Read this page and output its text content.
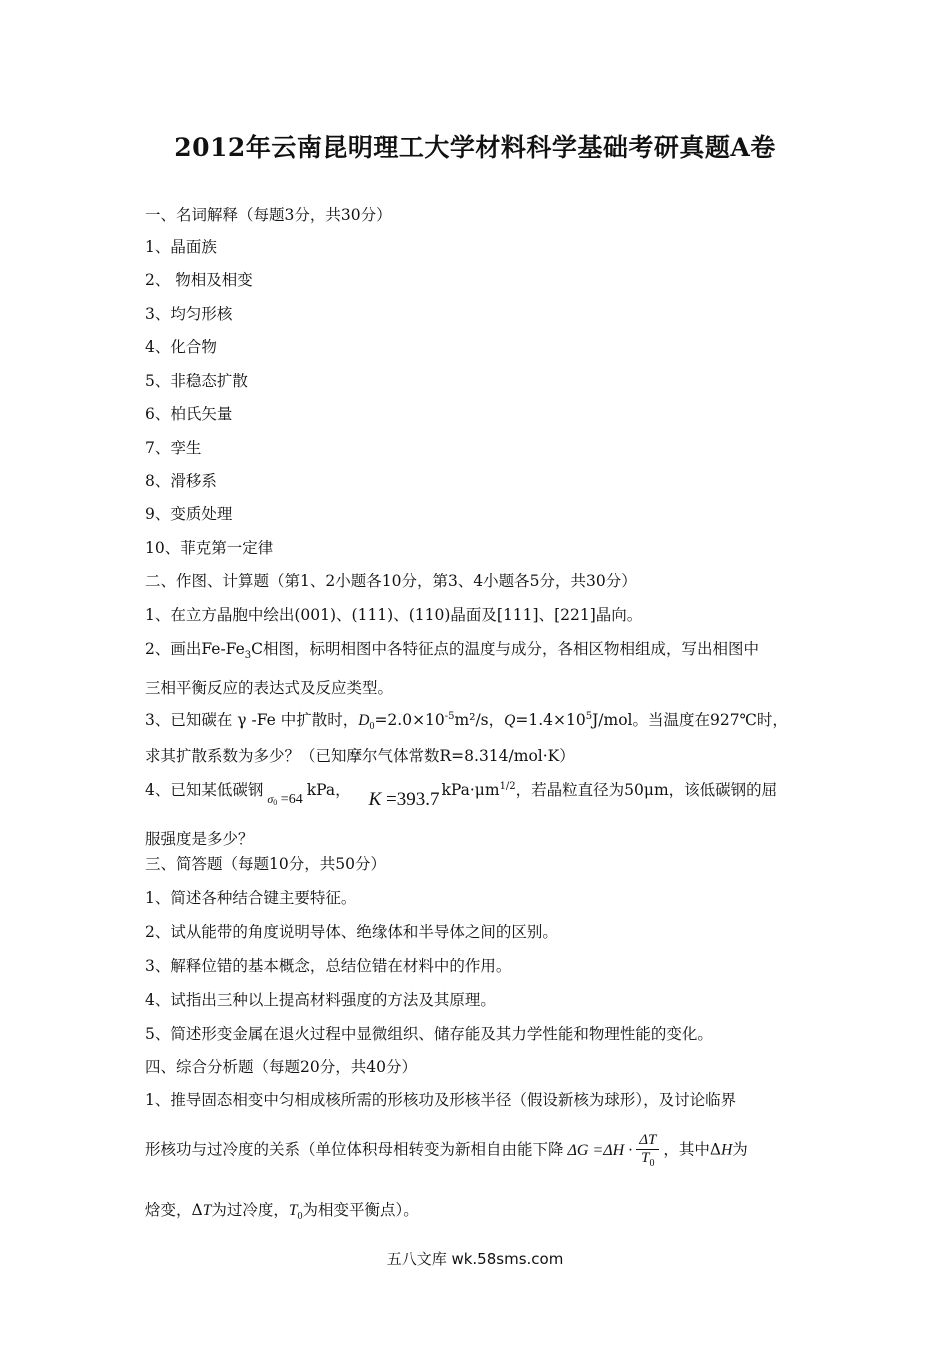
2012年云南昆明理工大学材料科学基础考研真题A卷
一、名词解释（每题3分，共30分）
1、晶面族
2、 物相及相变
3、均匀形核
4、化合物
5、非稳态扩散
6、柏氏矢量
7、孪生
8、滑移系
9、变质处理
10、菲克第一定律
二、作图、计算题（第1、2小题各10分，第3、4小题各5分，共30分）
1、在立方晶胞中绘出(001)、(111)、(110)晶面及[111]、[221]晶向。
2、画出$Fe-Fe_3C$相图，标明相图中各特征点的温度与成分，各相区物相组成，写出相图中
三相平衡反应的表达式及反应类型。
3、已知碳在 γ -Fe 中扩散时，$D_0=2.0\times 10^{-5}m^2/s$，$Q=1.4\times 10^5J$/mol。当温度在927℃时，
求其扩散系数为多少？（已知摩尔气体常数R=8.314/mol·K）
4、已知某低碳钢 $_{\sigma 0}$ =64kPa， K =393.7 $kPa\cdot\mu m^{1/2}$，若晶粒直径为50μm，该低碳钢的屈
服强度是多少？
三、简答题（每题10分，共50分）
1、简述各种结合键主要特征。
2、试从能带的角度说明导体、绝缘体和半导体之间的区别。
3、解释位错的基本概念，总结位错在材料中的作用。
4、试指出三种以上提高材料强度的方法及其原理。
5、简述形变金属在退火过程中显微组织、储存能及其力学性能和物理性能的变化。
四、综合分析题（每题20分，共40分）
1、推导固态相变中匀相成核所需的形核功及形核半径（假设新核为球形），及讨论临界
形核功与过冷度的关系（单位体积母相转变为新相自由能下降 $\Delta G =\Delta H \cdot \frac{\Delta T}{T_0}$ ，其中ΔH为
焓变，ΔT为过冷度，$T_0$为相变平衡点）。
五八文库 wk.58sms.com
